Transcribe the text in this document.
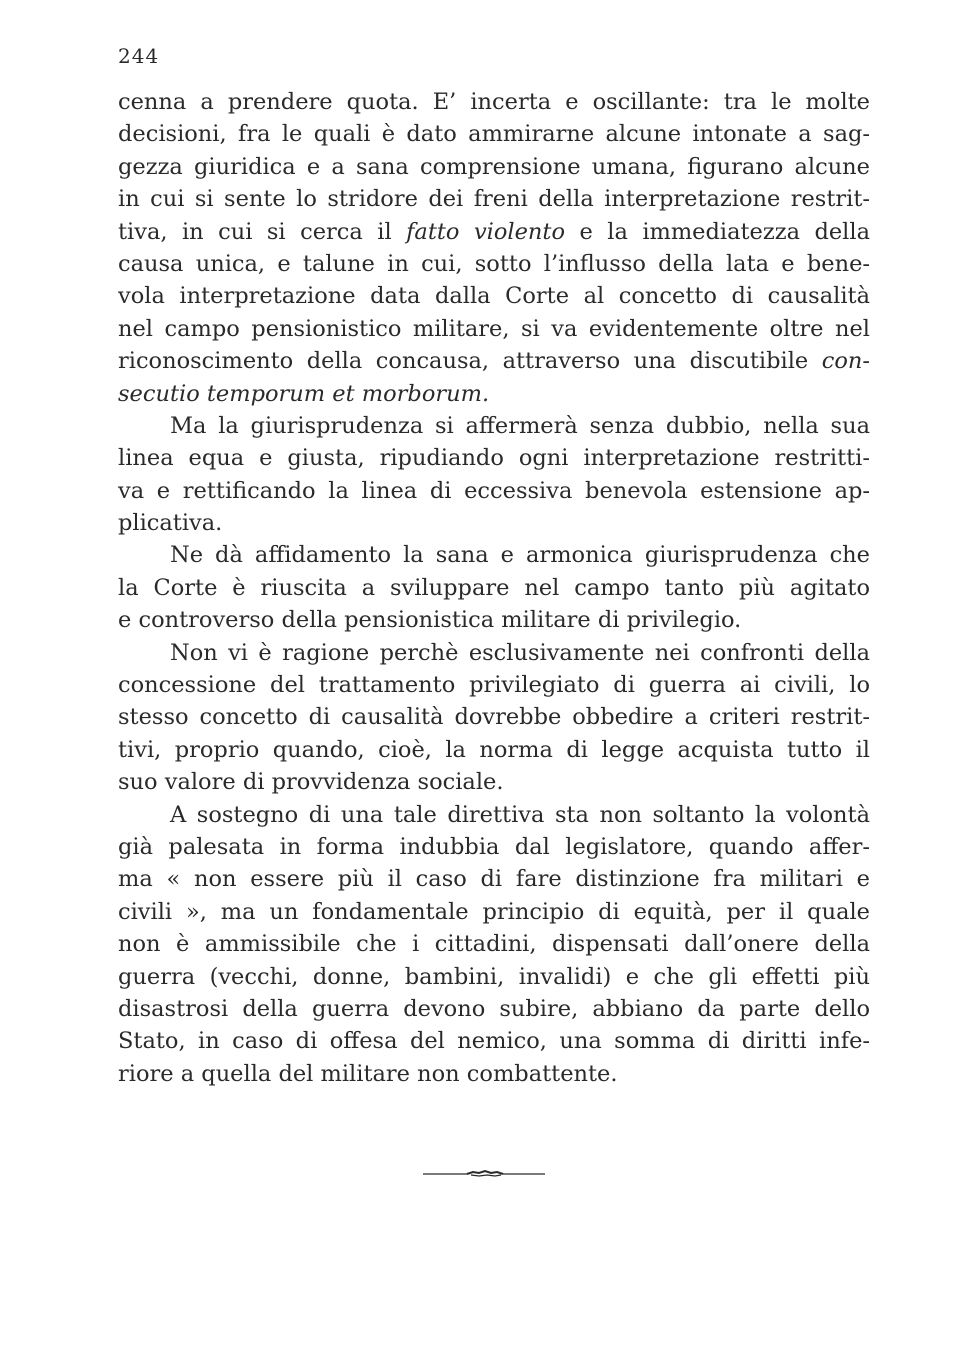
244
cenna a prendere quota. E’ incerta e oscillante: tra le molte
decisioni, fra le quali è dato ammirarne alcune intonate a sag-
gezza giuridica e a sana comprensione umana, figurano alcune
in cui si sente lo stridore dei freni della interpretazione restrit-
tiva, in cui si cerca il fatto violento e la immediatezza della
causa unica, e talune in cui, sotto l’influsso della lata e bene-
vola interpretazione data dalla Corte al concetto di causalità
nel campo pensionistico militare, si va evidentemente oltre nel
riconoscimento della concausa, attraverso una discutibile con-
secutio temporum et morborum.
Ma la giurisprudenza si affermerà senza dubbio, nella sua
linea equa e giusta, ripudiando ogni interpretazione restritti-
va e rettificando la linea di eccessiva benevola estensione ap-
plicativa.
Ne dà affidamento la sana e armonica giurisprudenza che
la Corte è riuscita a sviluppare nel campo tanto più agitato
e controverso della pensionistica militare di privilegio.
Non vi è ragione perchè esclusivamente nei confronti della
concessione del trattamento privilegiato di guerra ai civili, lo
stesso concetto di causalità dovrebbe obbedire a criteri restrit-
tivi, proprio quando, cioè, la norma di legge acquista tutto il
suo valore di provvidenza sociale.
A sostegno di una tale direttiva sta non soltanto la volontà
già palesata in forma indubbia dal legislatore, quando affer-
ma « non essere più il caso di fare distinzione fra militari e
civili », ma un fondamentale principio di equità, per il quale
non è ammissibile che i cittadini, dispensati dall’onere della
guerra (vecchi, donne, bambini, invalidi) e che gli effetti più
disastrosi della guerra devono subire, abbiano da parte dello
Stato, in caso di offesa del nemico, una somma di diritti infe-
riore a quella del militare non combattente.
